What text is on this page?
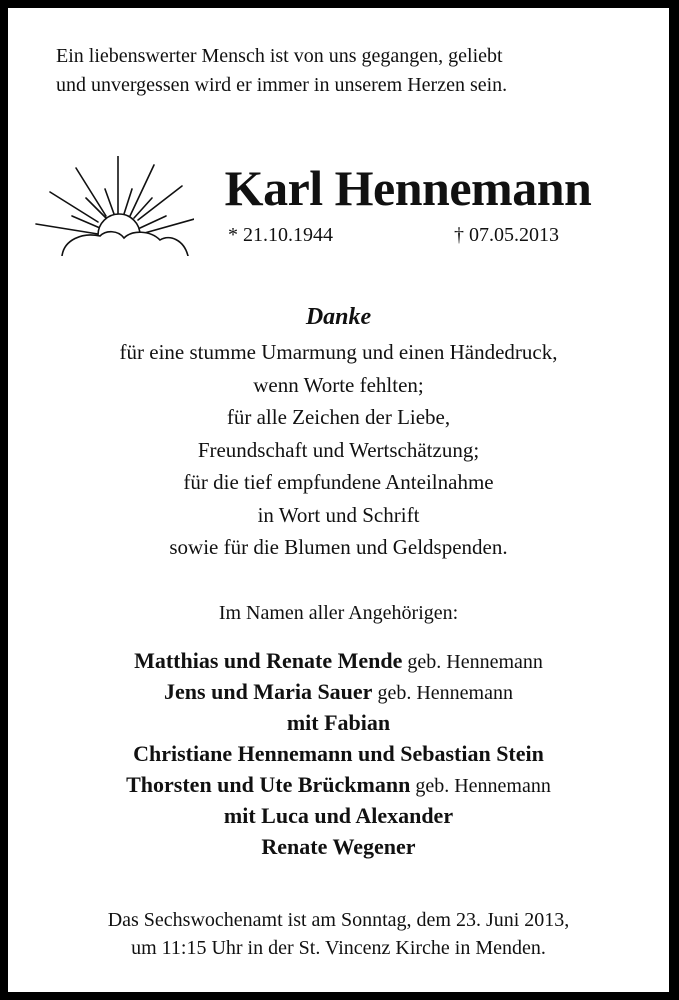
Ein liebenswerter Mensch ist von uns gegangen, geliebt
und unvergessen wird er immer in unserem Herzen sein.
Karl Hennemann
* 21.10.1944	† 07.05.2013
Danke
für eine stumme Umarmung und einen Händedruck,
wenn Worte fehlten;
für alle Zeichen der Liebe,
Freundschaft und Wertschätzung;
für die tief empfundene Anteilnahme
in Wort und Schrift
sowie für die Blumen und Geldspenden.
Im Namen aller Angehörigen:
Matthias und Renate Mende geb. Hennemann
Jens und Maria Sauer geb. Hennemann
mit Fabian
Christiane Hennemann und Sebastian Stein
Thorsten und Ute Brückmann geb. Hennemann
mit Luca und Alexander
Renate Wegener
Das Sechswochenamt ist am Sonntag, dem 23. Juni 2013,
um 11:15 Uhr in der St. Vincenz Kirche in Menden.
